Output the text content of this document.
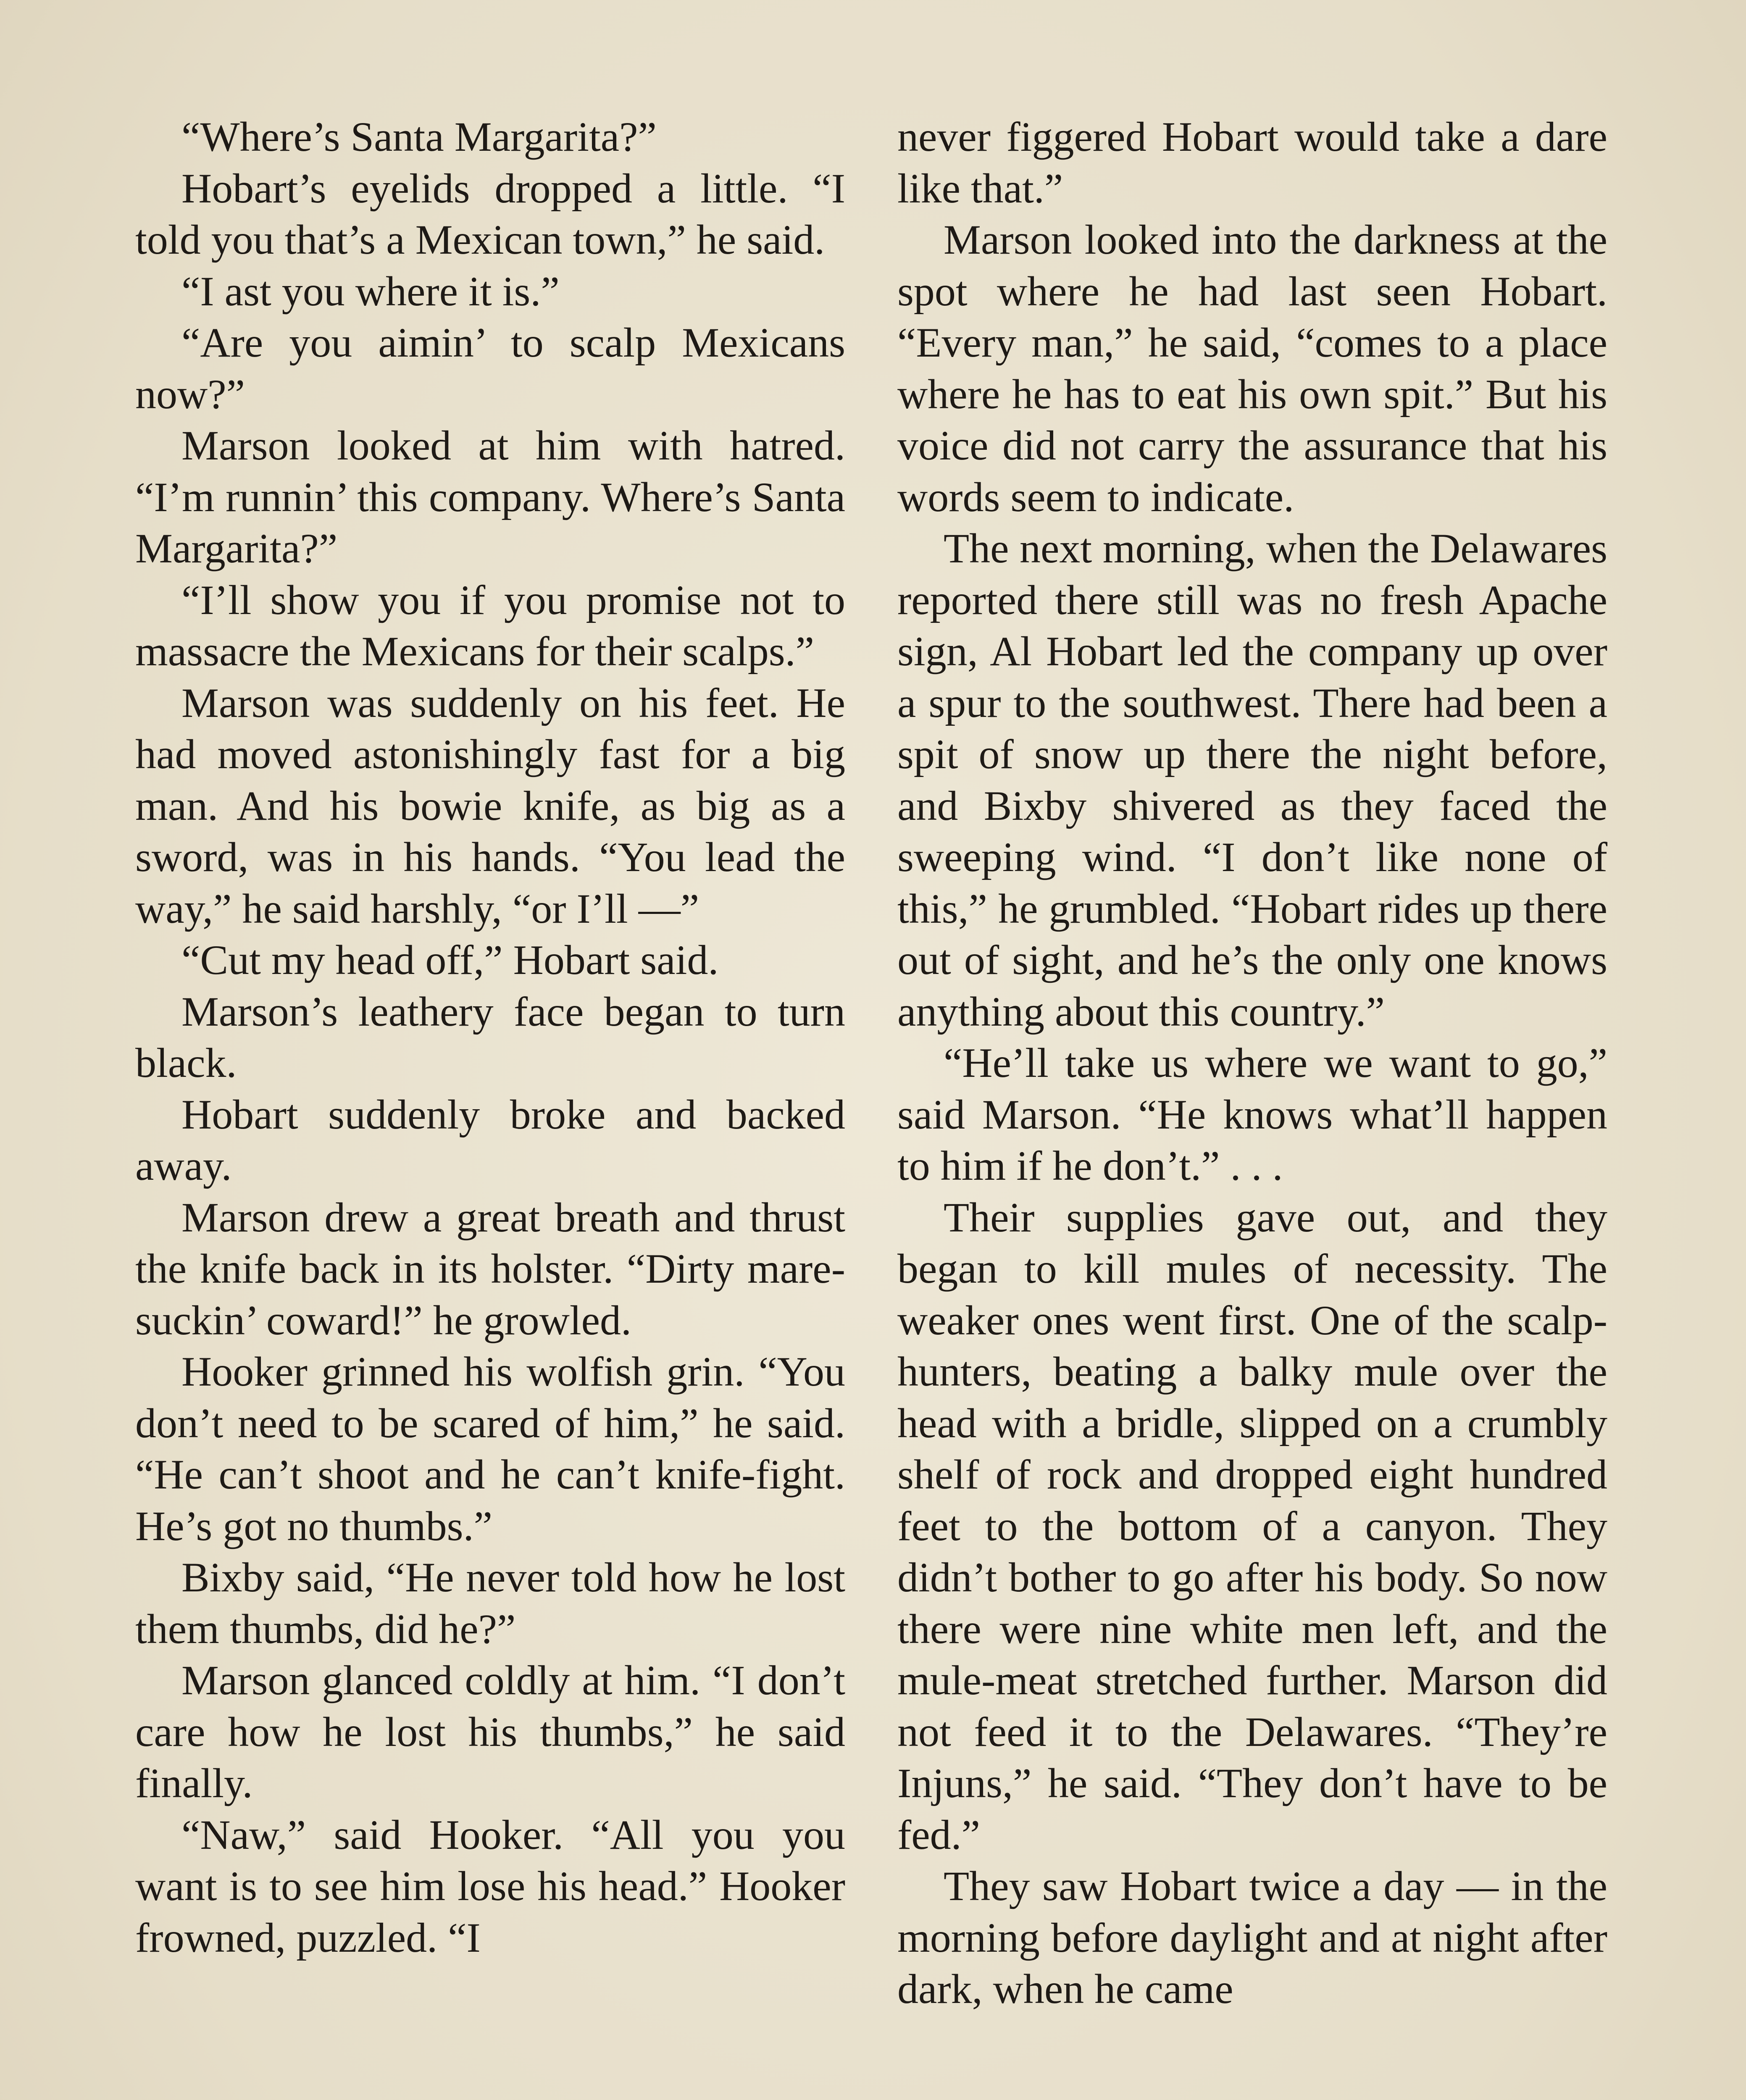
“Where’s Santa Margarita?”

Hobart’s eyelids dropped a little. “I told you that’s a Mexican town,” he said.

“I ast you where it is.”

“Are you aimin’ to scalp Mexicans now?”

Marson looked at him with hatred. “I’m runnin’ this company. Where’s Santa Margarita?”

“I’ll show you if you promise not to massacre the Mexicans for their scalps.”

Marson was suddenly on his feet. He had moved astonishingly fast for a big man. And his bowie knife, as big as a sword, was in his hands. “You lead the way,” he said harshly, “or I’ll —”

“Cut my head off,” Hobart said.

Marson’s leathery face began to turn black.

Hobart suddenly broke and backed away.

Marson drew a great breath and thrust the knife back in its holster. “Dirty mare-suckin’ coward!” he growled.

Hooker grinned his wolfish grin. “You don’t need to be scared of him,” he said. “He can’t shoot and he can’t knife-fight. He’s got no thumbs.”

Bixby said, “He never told how he lost them thumbs, did he?”

Marson glanced coldly at him. “I don’t care how he lost his thumbs,” he said finally.

“Naw,” said Hooker. “All you you want is to see him lose his head.” Hooker frowned, puzzled. “I

never figgered Hobart would take a dare like that.”

Marson looked into the darkness at the spot where he had last seen Hobart. “Every man,” he said, “comes to a place where he has to eat his own spit.” But his voice did not carry the assurance that his words seem to indicate.

The next morning, when the Delawares reported there still was no fresh Apache sign, Al Hobart led the company up over a spur to the southwest. There had been a spit of snow up there the night before, and Bixby shivered as they faced the sweeping wind. “I don’t like none of this,” he grumbled. “Hobart rides up there out of sight, and he’s the only one knows anything about this country.”

“He’ll take us where we want to go,” said Marson. “He knows what’ll happen to him if he don’t.” . . .

Their supplies gave out, and they began to kill mules of necessity. The weaker ones went first. One of the scalp-hunters, beating a balky mule over the head with a bridle, slipped on a crumbly shelf of rock and dropped eight hundred feet to the bottom of a canyon. They didn’t bother to go after his body. So now there were nine white men left, and the mule-meat stretched further. Marson did not feed it to the Delawares. “They’re Injuns,” he said. “They don’t have to be fed.”

They saw Hobart twice a day — in the morning before daylight and at night after dark, when he came
